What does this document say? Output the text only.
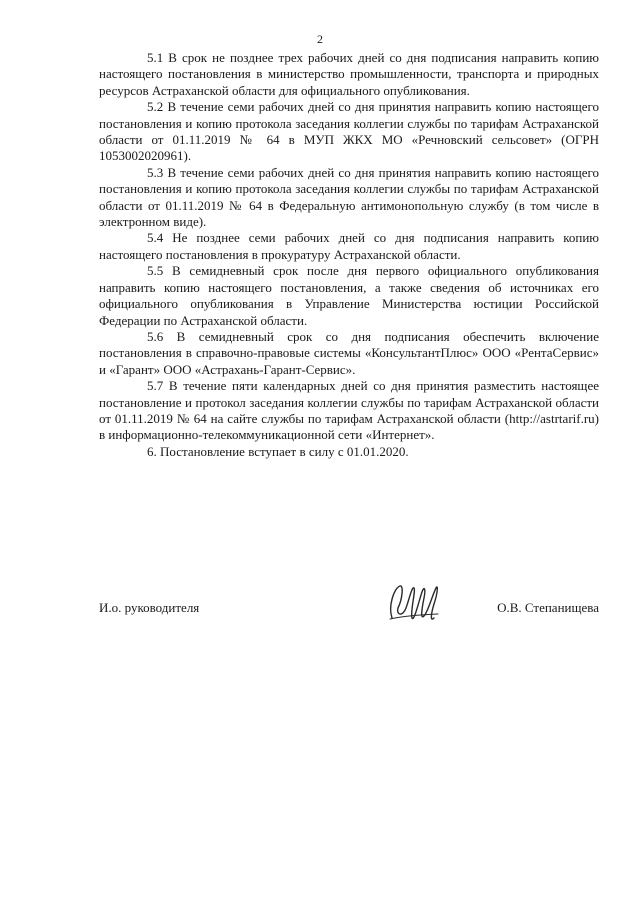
2

5.1 В срок не позднее трех рабочих дней со дня подписания направить копию настоящего постановления в министерство промышленности, транспорта и природных ресурсов Астраханской области для официального опубликования.

5.2 В течение семи рабочих дней со дня принятия направить копию настоящего постановления и копию протокола заседания коллегии службы по тарифам Астраханской области от 01.11.2019 № 64 в МУП ЖКХ МО «Речновский сельсовет» (ОГРН 1053002020961).

5.3 В течение семи рабочих дней со дня принятия направить копию настоящего постановления и копию протокола заседания коллегии службы по тарифам Астраханской области от 01.11.2019 № 64 в Федеральную антимонопольную службу (в том числе в электронном виде).

5.4 Не позднее семи рабочих дней со дня подписания направить копию настоящего постановления в прокуратуру Астраханской области.

5.5 В семидневный срок после дня первого официального опубликования направить копию настоящего постановления, а также сведения об источниках его официального опубликования в Управление Министерства юстиции Российской Федерации по Астраханской области.

5.6 В семидневный срок со дня подписания обеспечить включение постановления в справочно-правовые системы «КонсультантПлюс» ООО «РентаСервис» и «Гарант» ООО «Астрахань-Гарант-Сервис».

5.7 В течение пяти календарных дней со дня принятия разместить настоящее постановление и протокол заседания коллегии службы по тарифам Астраханской области от 01.11.2019 № 64 на сайте службы по тарифам Астраханской области (http://astrtarif.ru) в информационно-телекоммуникационной сети «Интернет».

6. Постановление вступает в силу с 01.01.2020.

И.о. руководителя	О.В. Степанищева
